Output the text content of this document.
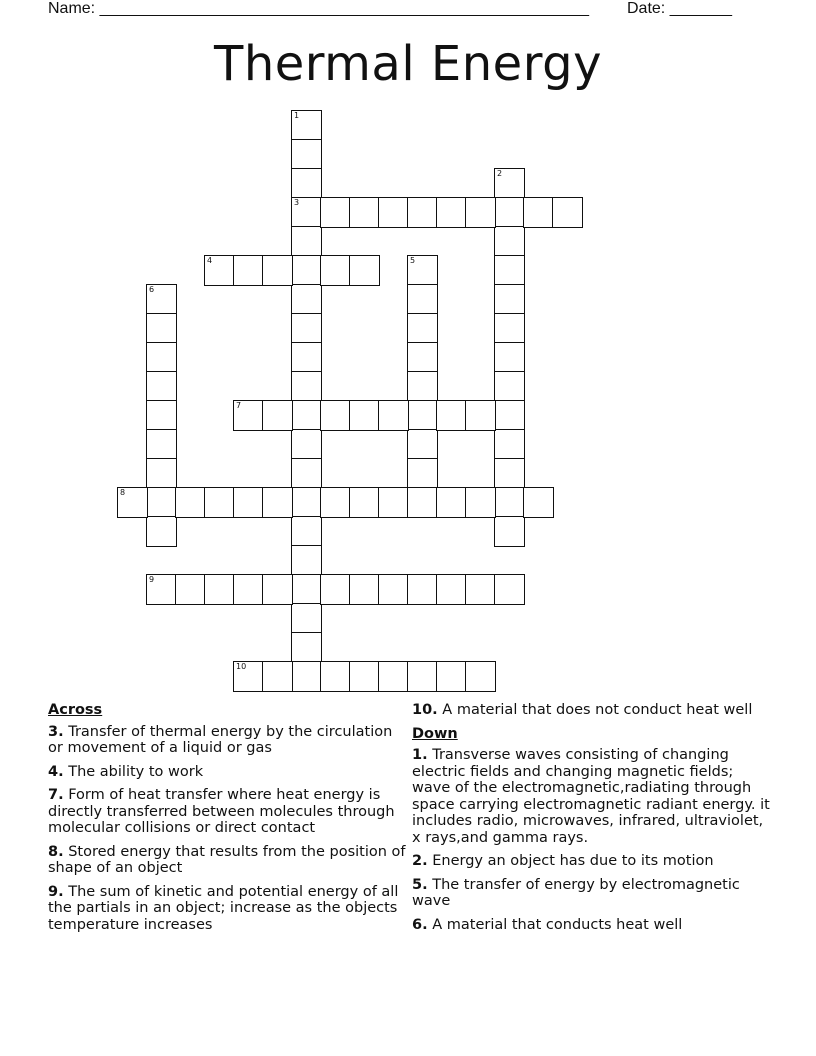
Name: _______________________________________________________ Date: _______
Thermal Energy
1
3
2
4	5
6
7
8
9
10
Across
3. Transfer of thermal energy by the circulation or movement of a liquid or gas
4. The ability to work
7. Form of heat transfer where heat energy is directly transferred between molecules through molecular collisions or direct contact
8. Stored energy that results from the position of shape of an object
9. The sum of kinetic and potential energy of all the partials in an object; increase as the objects temperature increases
10. A material that does not conduct heat well
Down
1. Transverse waves consisting of changing electric fields and changing magnetic fields; wave of the electromagnetic,radiating through space carrying electromagnetic radiant energy. it includes radio, microwaves, infrared, ultraviolet, x rays,and gamma rays.
2. Energy an object has due to its motion
5. The transfer of energy by electromagnetic wave
6. A material that conducts heat well
